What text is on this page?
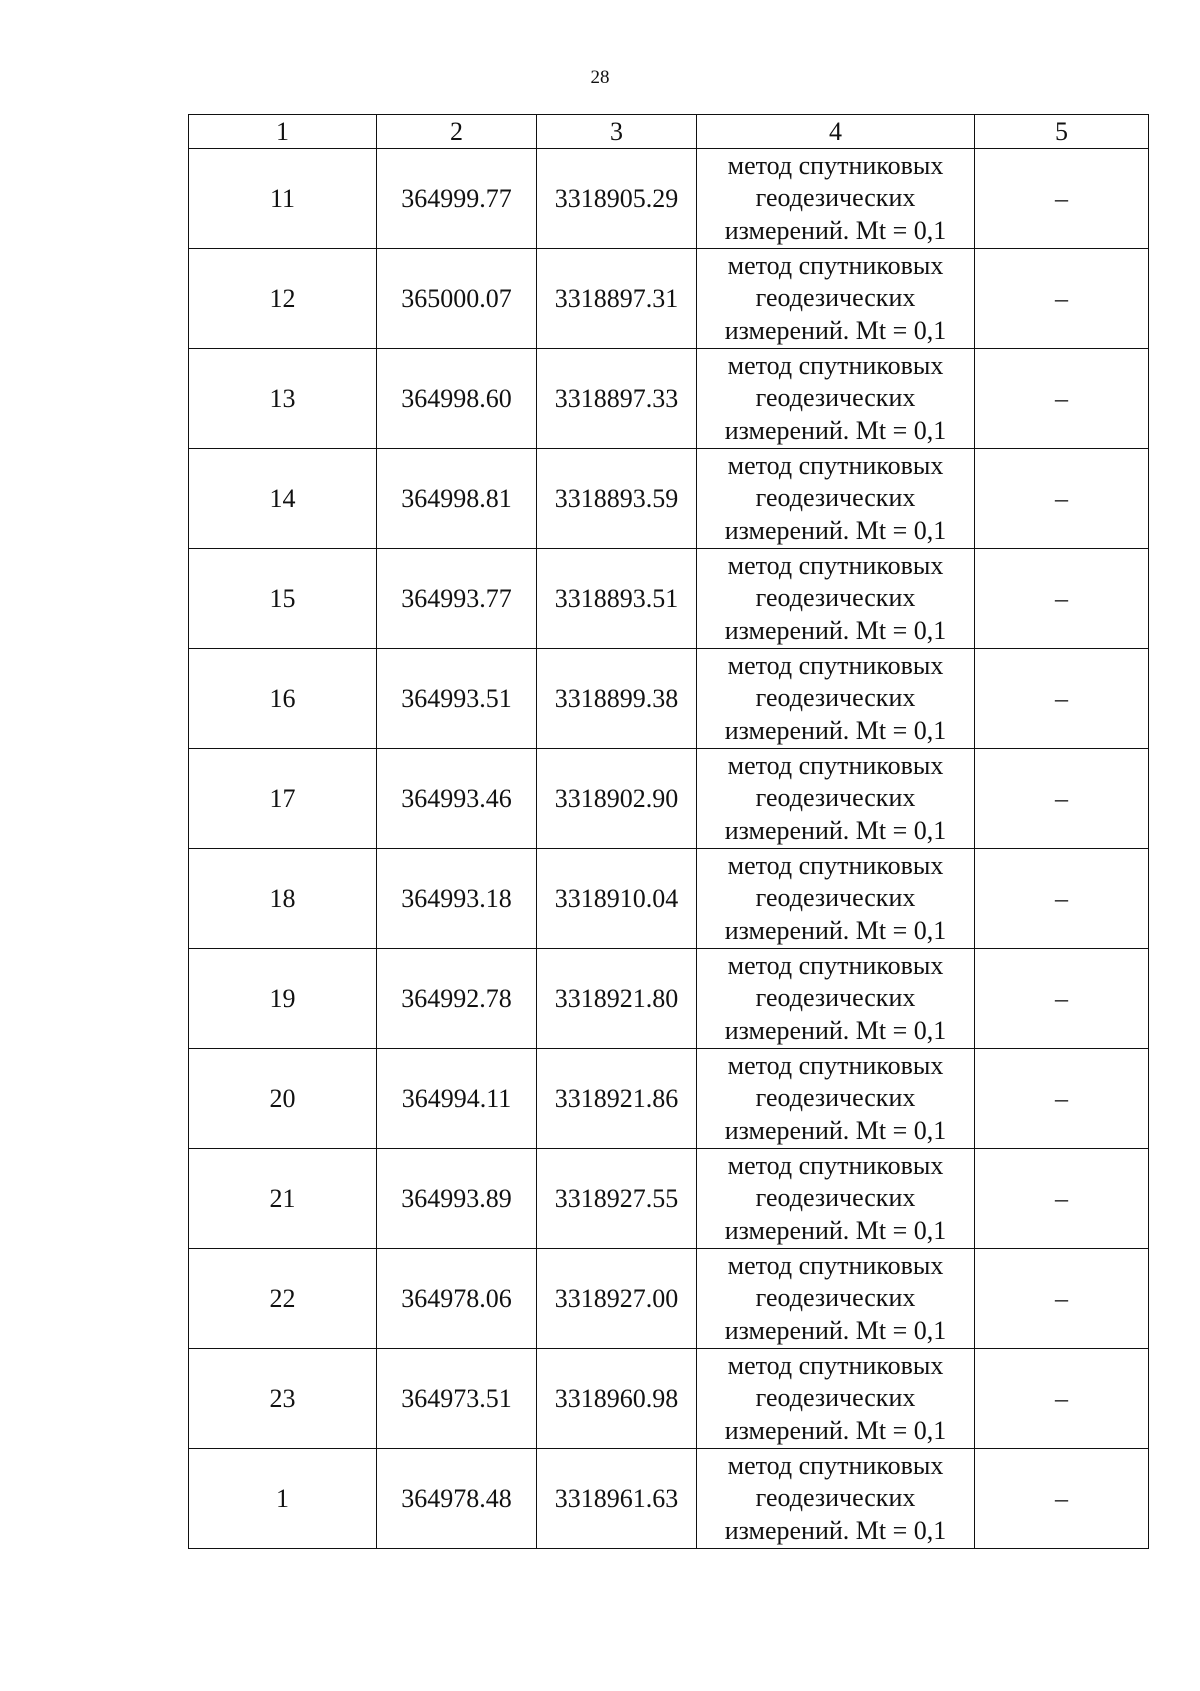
28
1	2	3	4	5
11	364999.77	3318905.29	метод спутниковых
геодезических
измерений. Mt = 0,1	–
12	365000.07	3318897.31	метод спутниковых
геодезических
измерений. Mt = 0,1	–
13	364998.60	3318897.33	метод спутниковых
геодезических
измерений. Mt = 0,1	–
14	364998.81	3318893.59	метод спутниковых
геодезических
измерений. Mt = 0,1	–
15	364993.77	3318893.51	метод спутниковых
геодезических
измерений. Mt = 0,1	–
16	364993.51	3318899.38	метод спутниковых
геодезических
измерений. Mt = 0,1	–
17	364993.46	3318902.90	метод спутниковых
геодезических
измерений. Mt = 0,1	–
18	364993.18	3318910.04	метод спутниковых
геодезических
измерений. Mt = 0,1	–
19	364992.78	3318921.80	метод спутниковых
геодезических
измерений. Mt = 0,1	–
20	364994.11	3318921.86	метод спутниковых
геодезических
измерений. Mt = 0,1	–
21	364993.89	3318927.55	метод спутниковых
геодезических
измерений. Mt = 0,1	–
22	364978.06	3318927.00	метод спутниковых
геодезических
измерений. Mt = 0,1	–
23	364973.51	3318960.98	метод спутниковых
геодезических
измерений. Mt = 0,1	–
1	364978.48	3318961.63	метод спутниковых
геодезических
измерений. Mt = 0,1	–
